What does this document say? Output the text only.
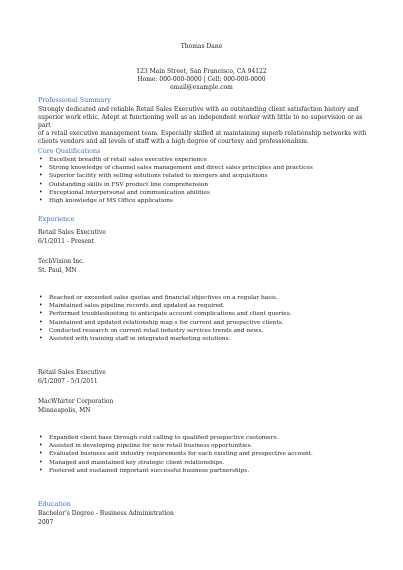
Thomas Dane
123 Main Street, San Francisco, CA 94122
Home: 000-000-0000 | Cell: 000-000-0000
email@example.com
Professional Summary
Strongly dedicated and reliable Retail Sales Executive with an outstanding client satisfaction history and
superior work ethic. Adept at functioning well as an independent worker with little to no supervision or as part
of a retail executive management team. Especially skilled at maintaining superb relationship networks with
clients vendors and all levels of staff with a high degree of courtesy and professionalism.
Core Qualifications
• Excellent breadth of retail sales executive experience
• Strong knowledge of channel sales management and direct sales principles and practices
• Superior facility with selling solutions related to mergers and acquisitions
• Outstanding skills in FSV product line comprehension
• Exceptional interpersonal and communication abilities
• High knowledge of MS Office applications
Experience
Retail Sales Executive
6/1/2011 - Present
TechVision Inc.
St. Paul, MN
• Reached or exceeded sales quotas and financial objectives on a regular basis.
• Maintained sales pipeline records and updated as required.
• Performed troubleshooting to anticipate account complications and client queries.
• Maintained and updated relationship map s for current and prospective clients.
• Conducted research on current retail industry services trends and news.
• Assisted with training staff in integrated marketing solutions.
Retail Sales Executive
6/1/2007 - 5/1/2011
MacWhirter Corporation
Minneapolis, MN
• Expanded client base through cold calling to qualified prospective customers.
• Assisted in developing pipeline for new retail business opportunities.
• Evaluated business and industry requirements for each existing and prospective account.
• Managed and maintained key strategic client relationships.
• Fostered and sustained important successful business partnerships.
Education
Bachelor's Degree - Business Administration
2007
